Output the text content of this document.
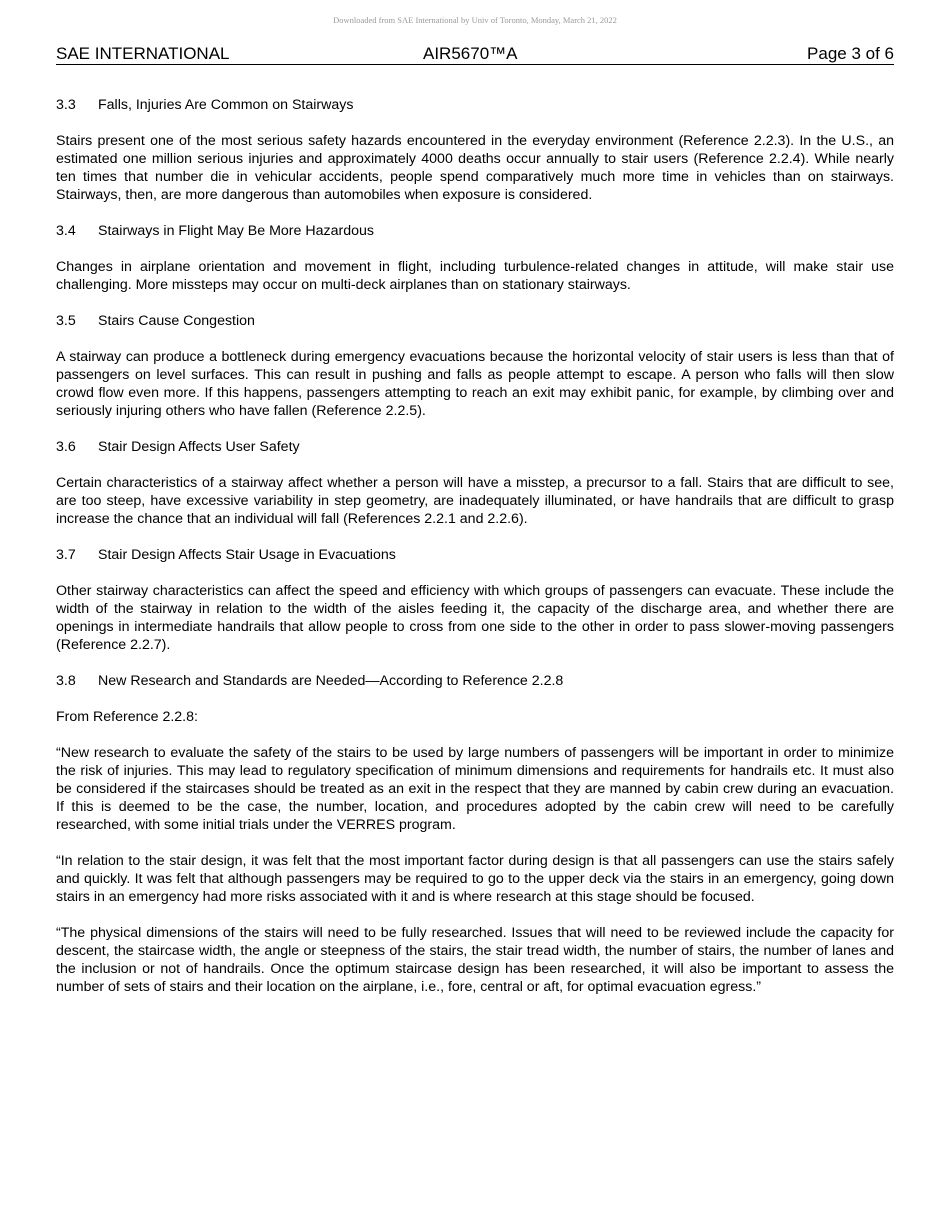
Downloaded from SAE International by Univ of Toronto, Monday, March 21, 2022
SAE INTERNATIONAL	AIR5670™A	Page 3 of 6
3.3 Falls, Injuries Are Common on Stairways

Stairs present one of the most serious safety hazards encountered in the everyday environment (Reference 2.2.3). In the U.S., an estimated one million serious injuries and approximately 4000 deaths occur annually to stair users (Reference 2.2.4). While nearly ten times that number die in vehicular accidents, people spend comparatively much more time in vehicles than on stairways. Stairways, then, are more dangerous than automobiles when exposure is considered.

3.4 Stairways in Flight May Be More Hazardous

Changes in airplane orientation and movement in flight, including turbulence-related changes in attitude, will make stair use challenging. More missteps may occur on multi-deck airplanes than on stationary stairways.

3.5 Stairs Cause Congestion

A stairway can produce a bottleneck during emergency evacuations because the horizontal velocity of stair users is less than that of passengers on level surfaces. This can result in pushing and falls as people attempt to escape. A person who falls will then slow crowd flow even more. If this happens, passengers attempting to reach an exit may exhibit panic, for example, by climbing over and seriously injuring others who have fallen (Reference 2.2.5).

3.6 Stair Design Affects User Safety

Certain characteristics of a stairway affect whether a person will have a misstep, a precursor to a fall. Stairs that are difficult to see, are too steep, have excessive variability in step geometry, are inadequately illuminated, or have handrails that are difficult to grasp increase the chance that an individual will fall (References 2.2.1 and 2.2.6).

3.7 Stair Design Affects Stair Usage in Evacuations

Other stairway characteristics can affect the speed and efficiency with which groups of passengers can evacuate. These include the width of the stairway in relation to the width of the aisles feeding it, the capacity of the discharge area, and whether there are openings in intermediate handrails that allow people to cross from one side to the other in order to pass slower-moving passengers (Reference 2.2.7).

3.8 New Research and Standards are Needed—According to Reference 2.2.8

From Reference 2.2.8:

“New research to evaluate the safety of the stairs to be used by large numbers of passengers will be important in order to minimize the risk of injuries. This may lead to regulatory specification of minimum dimensions and requirements for handrails etc. It must also be considered if the staircases should be treated as an exit in the respect that they are manned by cabin crew during an evacuation. If this is deemed to be the case, the number, location, and procedures adopted by the cabin crew will need to be carefully researched, with some initial trials under the VERRES program.

“In relation to the stair design, it was felt that the most important factor during design is that all passengers can use the stairs safely and quickly. It was felt that although passengers may be required to go to the upper deck via the stairs in an emergency, going down stairs in an emergency had more risks associated with it and is where research at this stage should be focused.

“The physical dimensions of the stairs will need to be fully researched. Issues that will need to be reviewed include the capacity for descent, the staircase width, the angle or steepness of the stairs, the stair tread width, the number of stairs, the number of lanes and the inclusion or not of handrails. Once the optimum staircase design has been researched, it will also be important to assess the number of sets of stairs and their location on the airplane, i.e., fore, central or aft, for optimal evacuation egress.”
